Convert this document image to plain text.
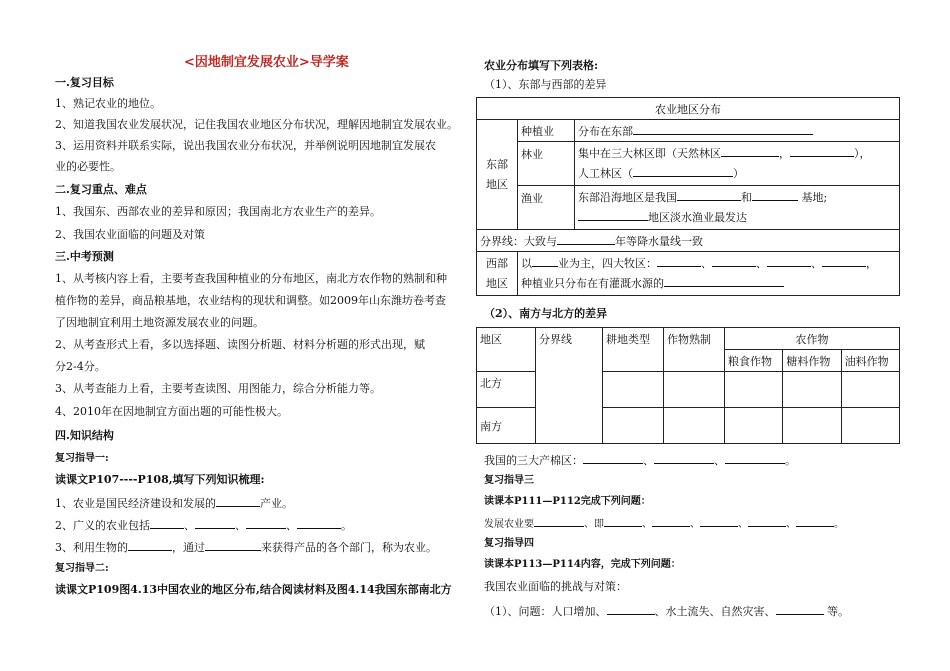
<因地制宜发展农业>导学案
一.复习目标
1、熟记农业的地位。
2、知道我国农业发展状况，记住我国农业地区分布状况，理解因地制宜发展农业。
3、运用资料并联系实际，说出我国农业分布状况，并举例说明因地制宜发展农
业的必要性。
二.复习重点、难点
1、我国东、西部农业的差异和原因；我国南北方农业生产的差异。
2、我国农业面临的问题及对策
三.中考预测
1、从考核内容上看，主要考查我国种植业的分布地区，南北方农作物的熟制和种
植作物的差异，商品粮基地，农业结构的现状和调整。如2009年山东潍坊卷考查
了因地制宜利用土地资源发展农业的问题。
2、从考查形式上看，多以选择题、读图分析题、材料分析题的形式出现，赋
分2-4分。
3、从考查能力上看，主要考查读图、用图能力，综合分析能力等。
4、2010年在因地制宜方面出题的可能性极大。
四.知识结构
复习指导一:
读课文P107----P108,填写下列知识梳理:
1、农业是国民经济建设和发展的	产业。
2、广义的农业包括	、	、	、	。
3、利用生物的	，通过	来获得产品的各个部门，称为农业。
复习指导二:
读课文P109图4.13中国农业的地区分布,结合阅读材料及图4.14我国东部南北方
农业分布填写下列表格:
（1）、东部与西部的差异
农业地区分布		
东部
地区	种植业	分布在东部
	林业	集中在三大林区即（天然林区 ， ），
人工林区（ ）
	渔业	东部沿海地区是我国 和 基地;
地区淡水渔业最发达
分界线：大致与 年等降水量线一致		
西部
地区	以 业为主，四大牧区： 、 、 、 ，
种植业只分布在有灌溉水源的	
（2）、南方与北方的差异
地区	分界线	耕地类型	作物熟制	农作物		
				粮食作物	糖料作物	油料作物
北方						
南方						
我国的三大产棉区：	、	、	。
复习指导三
读课本P111—P112完成下列问题：
发展农业要	、即	、	、	、	、	。
复习指导四
读课本P113—P114内容，完成下列问题：
我国农业面临的挑战与对策：
（1）、问题：人口增加、	、水土流失、自然灾害、	等。
